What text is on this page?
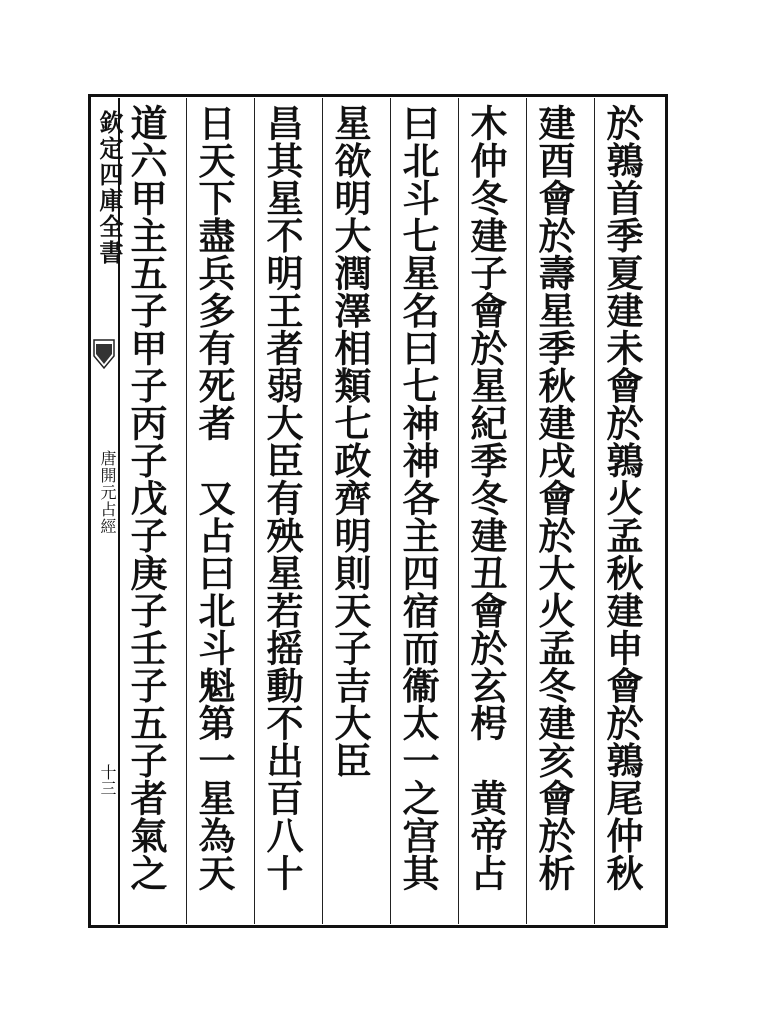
欽定四庫全書
唐開元占經
十三	於鶉首季夏建未會於鶉火孟秋建申會於鶉尾仲秋
建酉會於壽星季秋建戌會於大火孟冬建亥會於析
木仲冬建子會於星紀季冬建丑會於玄枵　黄帝占
曰北斗七星名曰七神神各主四宿而衞太一之宫其
星欲明大潤澤相類七政齊明則天子吉大臣
昌其星不明王者弱大臣有殃星若摇動不出百八十
日天下盡兵多有死者　又占曰北斗魁第一星為天
道六甲主五子甲子丙子戊子庚子壬子五子者氣之
